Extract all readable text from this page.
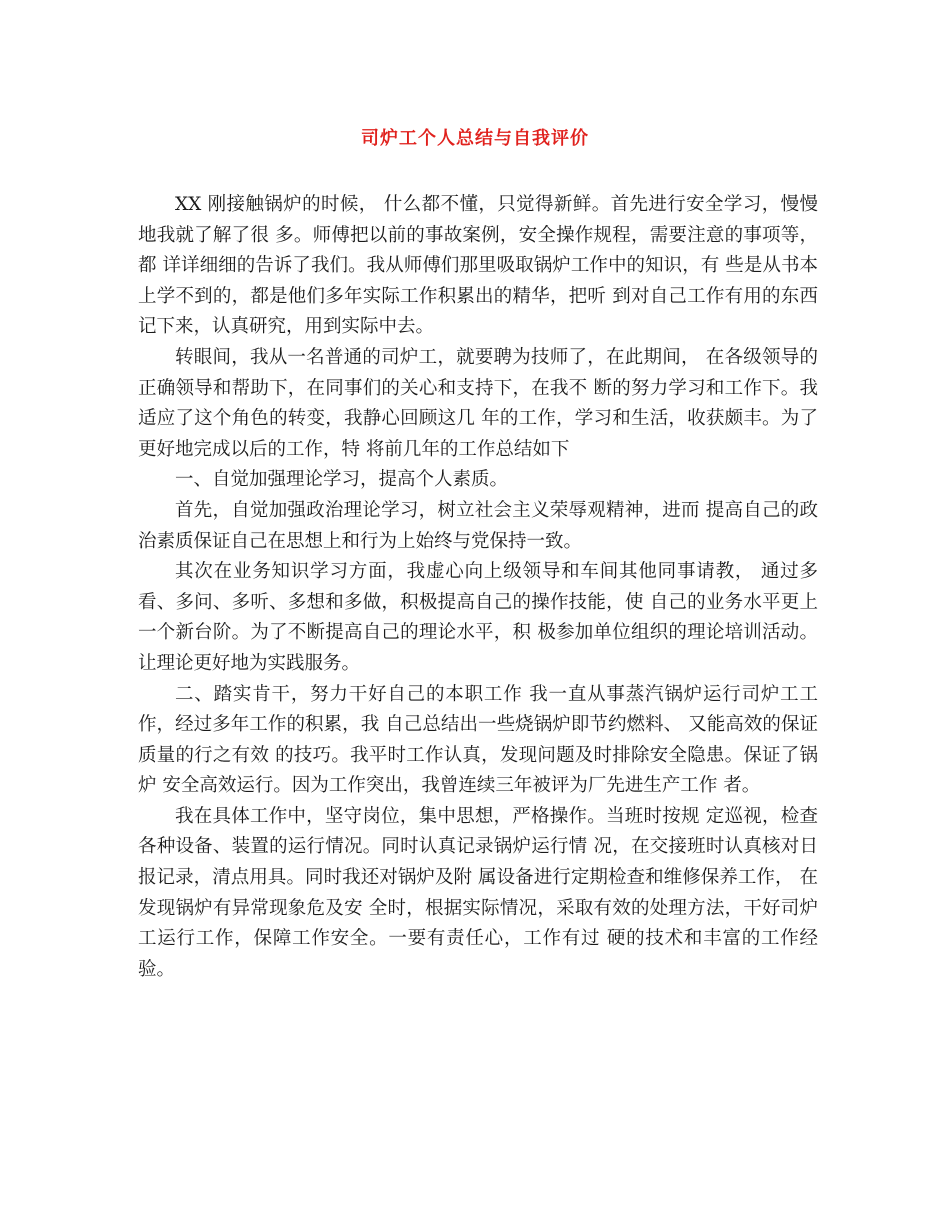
司炉工个人总结与自我评价

XX 刚接触锅炉的时候， 什么都不懂，只觉得新鲜。首先进行安全学习，慢慢地我就了解了很 多。师傅把以前的事故案例，安全操作规程，需要注意的事项等，都 详详细细的告诉了我们。我从师傅们那里吸取锅炉工作中的知识，有 些是从书本上学不到的，都是他们多年实际工作积累出的精华，把听 到对自己工作有用的东西记下来，认真研究，用到实际中去。

转眼间，我从一名普通的司炉工，就要聘为技师了，在此期间， 在各级领导的正确领导和帮助下，在同事们的关心和支持下，在我不 断的努力学习和工作下。我适应了这个角色的转变，我静心回顾这几 年的工作，学习和生活，收获颇丰。为了更好地完成以后的工作，特 将前几年的工作总结如下

一、自觉加强理论学习，提高个人素质。

首先，自觉加强政治理论学习，树立社会主义荣辱观精神，进而 提高自己的政治素质保证自己在思想上和行为上始终与党保持一致。

其次在业务知识学习方面，我虚心向上级领导和车间其他同事请教， 通过多看、多问、多听、多想和多做，积极提高自己的操作技能，使 自己的业务水平更上一个新台阶。为了不断提高自己的理论水平，积 极参加单位组织的理论培训活动。让理论更好地为实践服务。

二、踏实肯干，努力干好自己的本职工作 我一直从事蒸汽锅炉运行司炉工工作，经过多年工作的积累，我 自己总结出一些烧锅炉即节约燃料、 又能高效的保证质量的行之有效 的技巧。我平时工作认真，发现问题及时排除安全隐患。保证了锅炉 安全高效运行。因为工作突出，我曾连续三年被评为厂先进生产工作 者。

我在具体工作中，坚守岗位，集中思想，严格操作。当班时按规 定巡视，检查各种设备、装置的运行情况。同时认真记录锅炉运行情 况，在交接班时认真核对日报记录，清点用具。同时我还对锅炉及附 属设备进行定期检查和维修保养工作， 在发现锅炉有异常现象危及安 全时，根据实际情况，采取有效的处理方法，干好司炉工运行工作，保障工作安全。一要有责任心，工作有过 硬的技术和丰富的工作经验。
